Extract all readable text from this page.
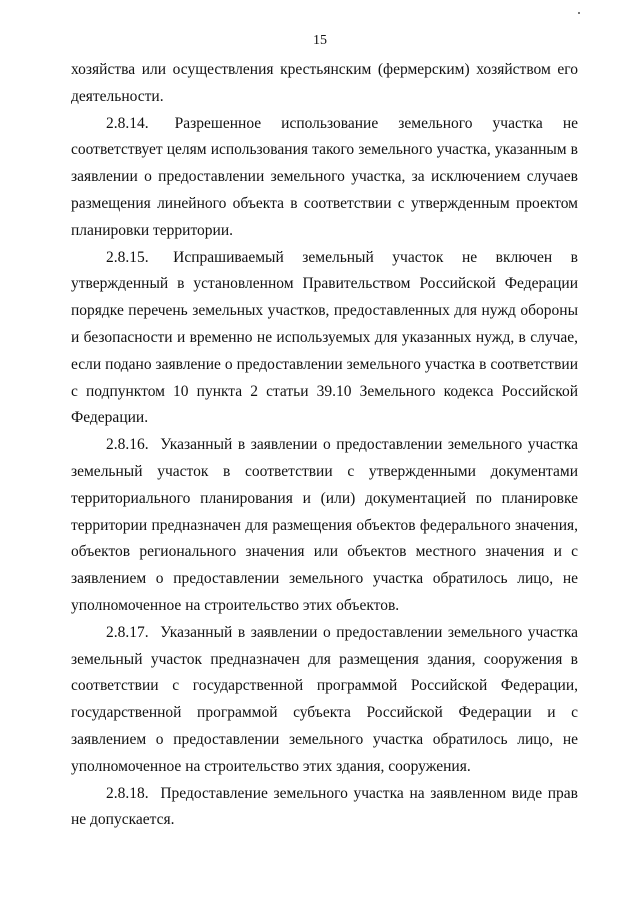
15

хозяйства или осуществления крестьянским (фермерским) хозяйством его деятельности.

2.8.14. Разрешенное использование земельного участка не соответствует целям использования такого земельного участка, указанным в заявлении о предоставлении земельного участка, за исключением случаев размещения линейного объекта в соответствии с утвержденным проектом планировки территории.

2.8.15. Испрашиваемый земельный участок не включен в утвержденный в установленном Правительством Российской Федерации порядке перечень земельных участков, предоставленных для нужд обороны и безопасности и временно не используемых для указанных нужд, в случае, если подано заявление о предоставлении земельного участка в соответствии с подпунктом 10 пункта 2 статьи 39.10 Земельного кодекса Российской Федерации.

2.8.16. Указанный в заявлении о предоставлении земельного участка земельный участок в соответствии с утвержденными документами территориального планирования и (или) документацией по планировке территории предназначен для размещения объектов федерального значения, объектов регионального значения или объектов местного значения и с заявлением о предоставлении земельного участка обратилось лицо, не уполномоченное на строительство этих объектов.

2.8.17. Указанный в заявлении о предоставлении земельного участка земельный участок предназначен для размещения здания, сооружения в соответствии с государственной программой Российской Федерации, государственной программой субъекта Российской Федерации и с заявлением о предоставлении земельного участка обратилось лицо, не уполномоченное на строительство этих здания, сооружения.

2.8.18. Предоставление земельного участка на заявленном виде прав не допускается.
